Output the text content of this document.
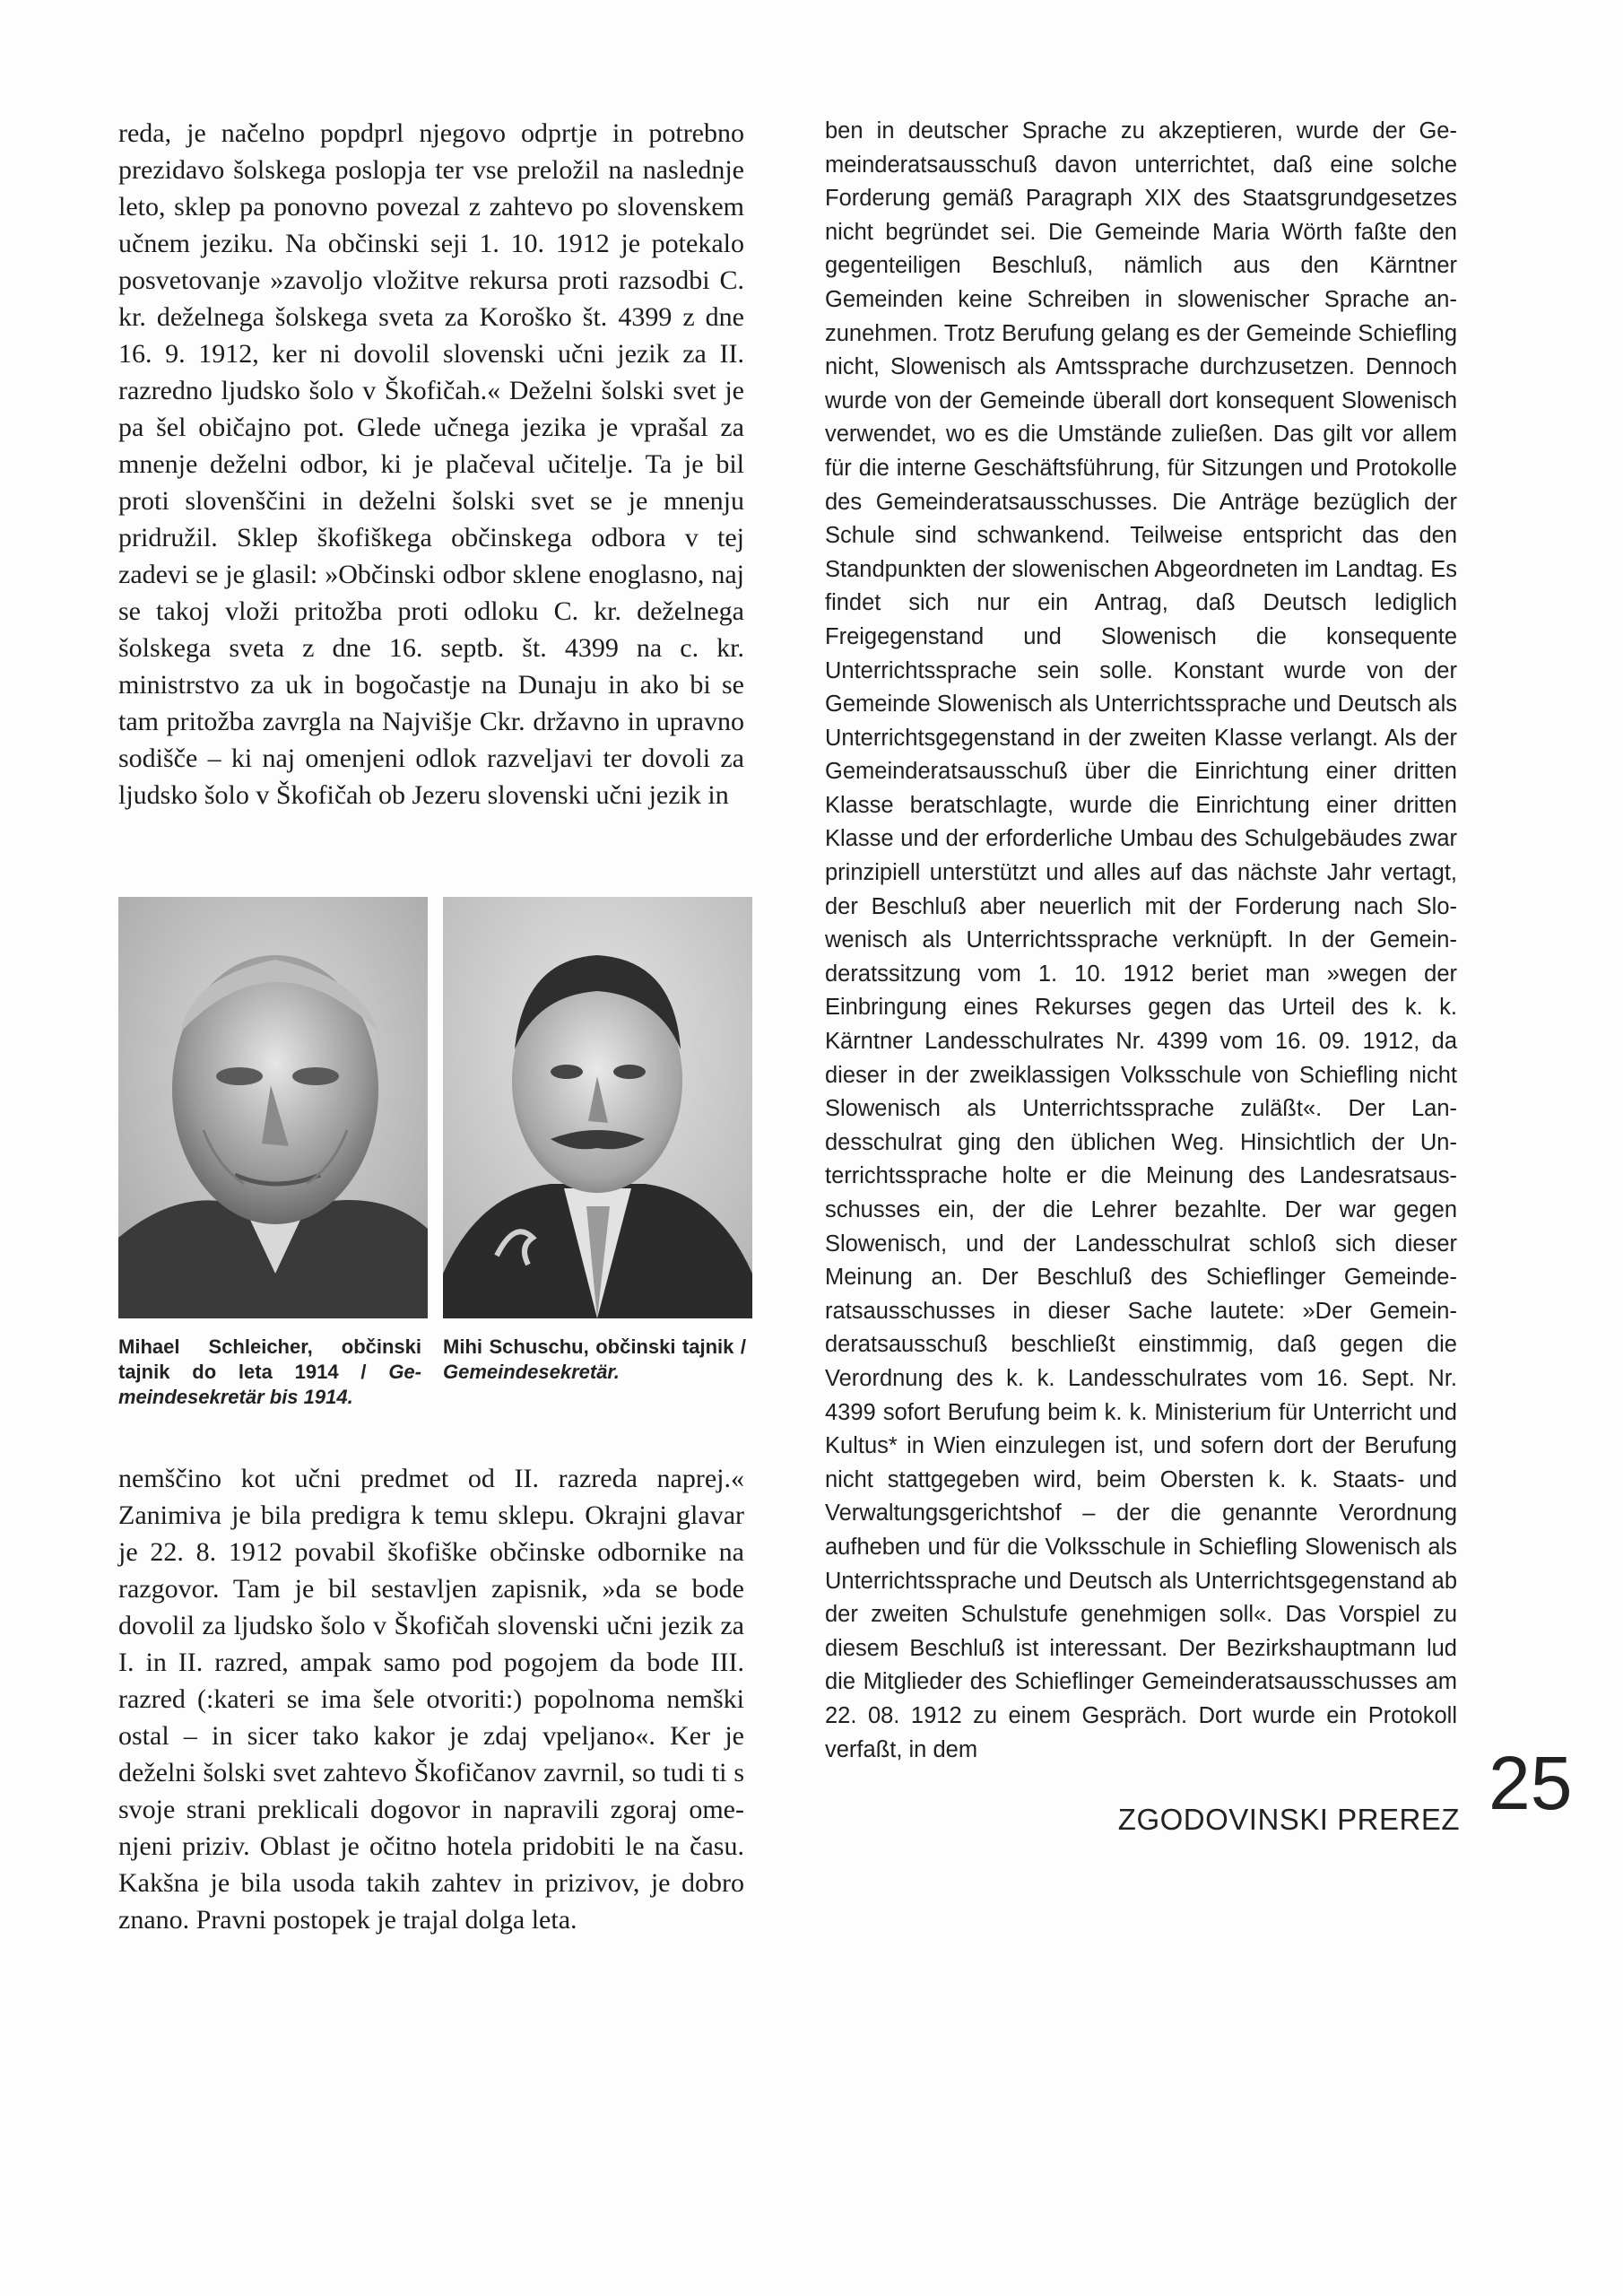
reda, je načelno popdprl njegovo odprtje in potrebno prezidavo šolskega poslopja ter vse preložil na naslednje leto, sklep pa ponovno povezal z zahtevo po slovenskem učnem jeziku. Na občinski seji 1. 10. 1912 je potekalo posvetovanje »zavoljo vložitve rekursa proti razsodbi C. kr. deželnega šolskega sveta za Koroško št. 4399 z dne 16. 9. 1912, ker ni dovolil slovenski učni jezik za II. razredno ljudsko šolo v Škofičah.« Deželni šolski svet je pa šel običajno pot. Glede učnega jezika je vprašal za mnenje deželni odbor, ki je plačeval učitelje. Ta je bil proti slovenščini in deželni šolski svet se je mnenju pridružil. Sklep škofiškega občinskega odbora v tej zadevi se je glasil: »Občinski odbor sklene enoglasno, naj se takoj vloži pritožba proti odloku C. kr. deželnega šolskega sveta z dne 16. septb. št. 4399 na c. kr. ministrstvo za uk in bogočastje na Dunaju in ako bi se tam pritožba zavrgla na Najvišje Ckr. državno in upravno sodišče – ki naj omenjeni odlok razveljavi ter dovoli za ljudsko šolo v Škofičah ob Jezeru slovenski učni jezik in

Mihael Schleicher, občinski tajnik do leta 1914 / Gemeindesekretär bis 1914.
Mihi Schuschu, občinski tajnik / Gemeindesekretär.

nemščino kot učni predmet od II. razreda naprej.« Zanimiva je bila predigra k temu sklepu. Okrajni glavar je 22. 8. 1912 povabil škofiške občinske odbornike na razgovor. Tam je bil sestavljen zapisnik, »da se bode dovolil za ljudsko šolo v Škofičah slovenski učni jezik za I. in II. razred, ampak samo pod pogojem da bode III. razred (:kateri se ima šele otvoriti:) popolnoma nemški ostal – in sicer tako kakor je zdaj vpeljano«. Ker je deželni šolski svet zahtevo Škofičanov zavrnil, so tudi ti s svoje strani preklicali dogovor in napravili zgoraj omenjeni priziv. Oblast je očitno hotela pridobiti le na času. Kakšna je bila usoda takih zahtev in prizivov, je dobro znano. Pravni postopek je trajal dolga leta.

ben in deutscher Sprache zu akzeptieren, wurde der Gemeinderatsausschuß davon unterrichtet, daß eine solche Forderung gemäß Paragraph XIX des Staatsgrundgesetzes nicht begründet sei. Die Gemeinde Maria Wörth faßte den gegenteiligen Beschluß, nämlich aus den Kärntner Gemeinden keine Schreiben in slowenischer Sprache anzunehmen. Trotz Berufung gelang es der Gemeinde Schiefling nicht, Slowenisch als Amtssprache durchzusetzen. Dennoch wurde von der Gemeinde überall dort konsequent Slowenisch verwendet, wo es die Umstände zuließen. Das gilt vor allem für die interne Geschäftsführung, für Sitzungen und Protokolle des Gemeinderatsausschusses. Die Anträge bezüglich der Schule sind schwankend. Teilweise entspricht das den Standpunkten der slowenischen Abgeordneten im Landtag. Es findet sich nur ein Antrag, daß Deutsch lediglich Freigegenstand und Slowenisch die konsequente Unterrichtssprache sein solle. Konstant wurde von der Gemeinde Slowenisch als Unterrichtssprache und Deutsch als Unterrichtsgegenstand in der zweiten Klasse verlangt. Als der Gemeinderatsausschuß über die Einrichtung einer dritten Klasse beratschlagte, wurde die Einrichtung einer dritten Klasse und der erforderliche Umbau des Schulgebäudes zwar prinzipiell unterstützt und alles auf das nächste Jahr vertagt, der Beschluß aber neuerlich mit der Forderung nach Slowenisch als Unterrichtssprache verknüpft. In der Gemeinderatssitzung vom 1. 10. 1912 beriet man »wegen der Einbringung eines Rekurses gegen das Urteil des k. k. Kärntner Landesschulrates Nr. 4399 vom 16. 09. 1912, da dieser in der zweiklassigen Volksschule von Schiefling nicht Slowenisch als Unterrichtssprache zuläßt«. Der Landesschulrat ging den üblichen Weg. Hinsichtlich der Unterrichtssprache holte er die Meinung des Landesratsausschusses ein, der die Lehrer bezahlte. Der war gegen Slowenisch, und der Landesschulrat schloß sich dieser Meinung an. Der Beschluß des Schieflinger Gemeinderatsausschusses in dieser Sache lautete: »Der Gemeinderatsausschuß beschließt einstimmig, daß gegen die Verordnung des k. k. Landesschulrates vom 16. Sept. Nr. 4399 sofort Berufung beim k. k. Ministerium für Unterricht und Kultus* in Wien einzulegen ist, und sofern dort der Berufung nicht stattgegeben wird, beim Obersten k. k. Staats- und Verwaltungsgerichtshof – der die genannte Verordnung aufheben und für die Volksschule in Schiefling Slowenisch als Unterrichtssprache und Deutsch als Unterrichtsgegenstand ab der zweiten Schulstufe genehmigen soll«. Das Vorspiel zu diesem Beschluß ist interessant. Der Bezirkshauptmann lud die Mitglieder des Schieflinger Gemeinderatsausschusses am 22. 08. 1912 zu einem Gespräch. Dort wurde ein Protokoll verfaßt, in dem

ZGODOVINSKI PREREZ 25
